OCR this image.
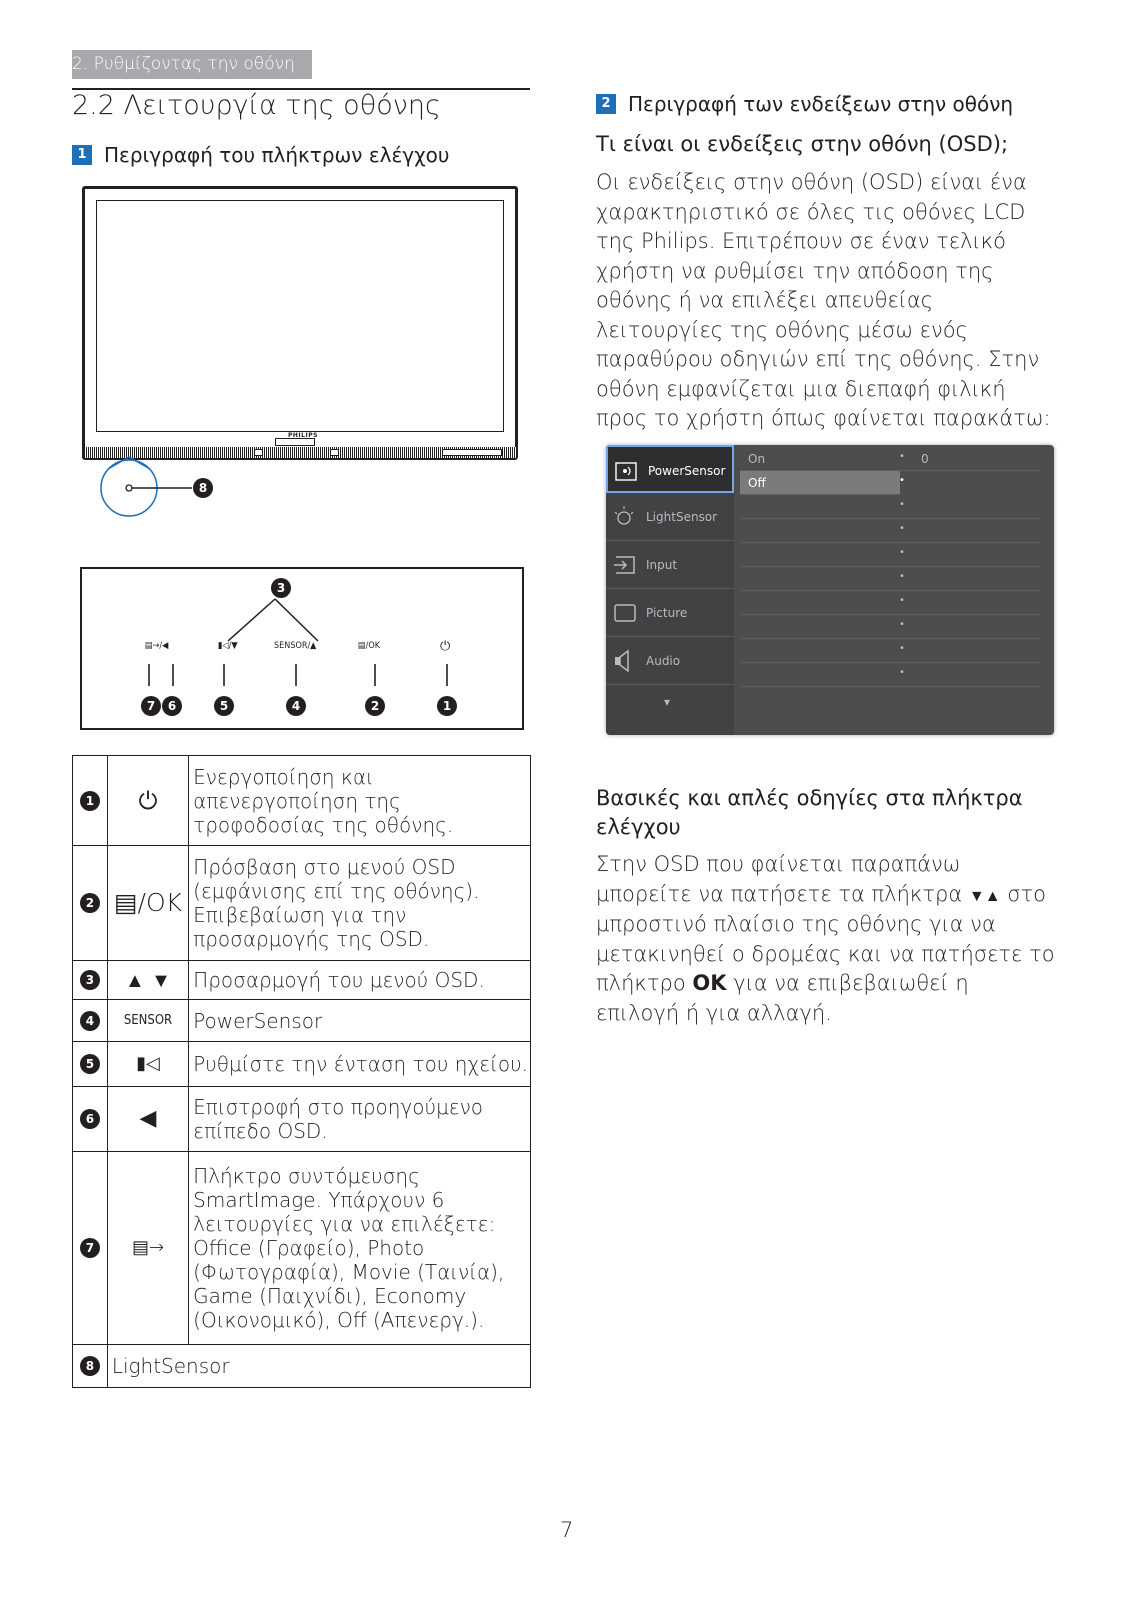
2. Ρυθμίζοντας την οθόνη
2.2 Λειτουργία της οθόνης
1 Περιγραφή του πλήκτρων ελέγχου
PHILIPS
8
3
▤→/◀	▮◁/▼	SENSOR/▲	▤/OK	⏻
7	6	5	4	2	1
1	⏻	Ενεργοποίηση και απενεργοποίηση της τροφοδοσίας της οθόνης.

2	▤/OK	Πρόσβαση στο μενού OSD (εμφάνισης επί της οθόνης). Επιβεβαίωση για την προσαρμογής της OSD.

3	▲ ▼	Προσαρμογή του μενού OSD.

4	SENSOR	PowerSensor

5	▮◁	Ρυθμίστε την ένταση του ηχείου.

6	◀	Επιστροφή στο προηγούμενο επίπεδο OSD.

7	▤→	Πλήκτρο συντόμευσης SmartImage. Υπάρχουν 6 λειτουργίες για να επιλέξετε: Office (Γραφείο), Photo (Φωτογραφία), Movie (Ταινία), Game (Παιχνίδι), Economy (Οικονομικό), Off (Απενεργ.).

8	LightSensor	
2 Περιγραφή των ενδείξεων στην οθόνη
Τι είναι οι ενδείξεις στην οθόνη (OSD);
Οι ενδείξεις στην οθόνη (OSD) είναι ένα χαρακτηριστικό σε όλες τις οθόνες LCD της Philips. Επιτρέπουν σε έναν τελικό χρήστη να ρυθμίσει την απόδοση της οθόνης ή να επιλέξει απευθείας λειτουργίες της οθόνης μέσω ενός παραθύρου οδηγιών επί της οθόνης. Στην οθόνη εμφανίζεται μια διεπαφή φιλική προς το χρήστη όπως φαίνεται παρακάτω:
PowerSensor
LightSensor
Input
Picture
Audio
▾
On	• 0
Off	•
•
•
•
•
•
•
•
•
Βασικές και απλές οδηγίες στα πλήκτρα ελέγχου
Στην OSD που φαίνεται παραπάνω μπορείτε να πατήσετε τα πλήκτρα ▼▲ στο μπροστινό πλαίσιο της οθόνης για να μετακινηθεί ο δρομέας και να πατήσετε το πλήκτρο OK για να επιβεβαιωθεί η επιλογή ή για αλλαγή.
7
